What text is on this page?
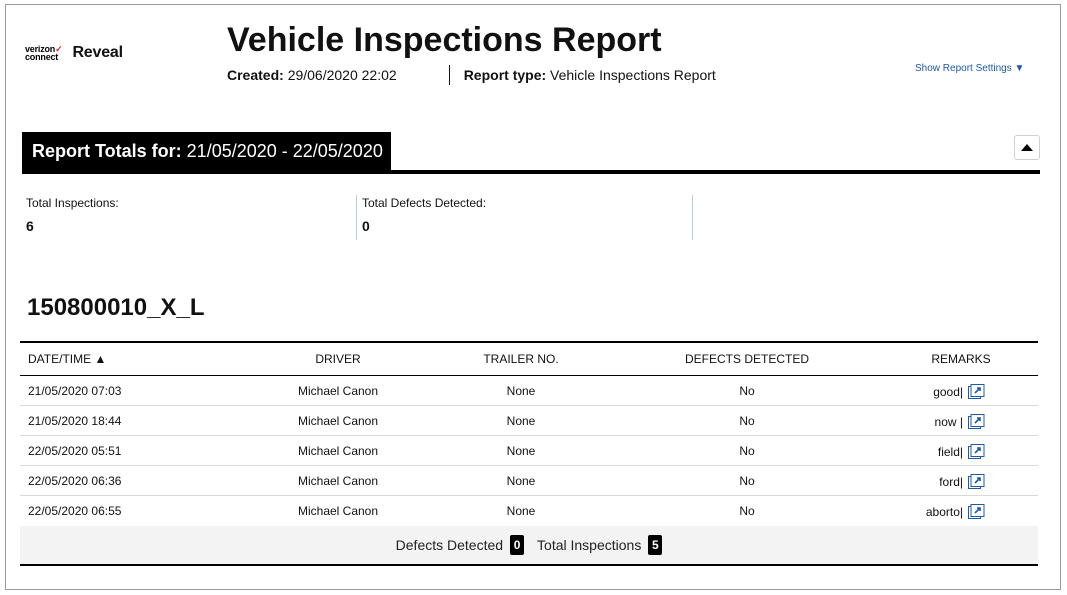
verizon✓
connect Reveal	Vehicle Inspections Report
Created:
29/06/2020 22:02	Report type:
Vehicle Inspections Report	Show Report Settings ▼
Report Totals for: 21/05/2020 - 22/05/2020
Total Inspections:
6
Total Defects Detected:
0
150800010_X_L
DATE/TIME ▲	DRIVER	TRAILER NO.	DEFECTS DETECTED	REMARKS
21/05/2020 07:03	Michael Canon	None	No	good|
21/05/2020 18:44	Michael Canon	None	No	now |
22/05/2020 05:51	Michael Canon	None	No	field|
22/05/2020 06:36	Michael Canon	None	No	ford|
22/05/2020 06:55	Michael Canon	None	No	aborto|
Defects Detected 0 Total Inspections 5
